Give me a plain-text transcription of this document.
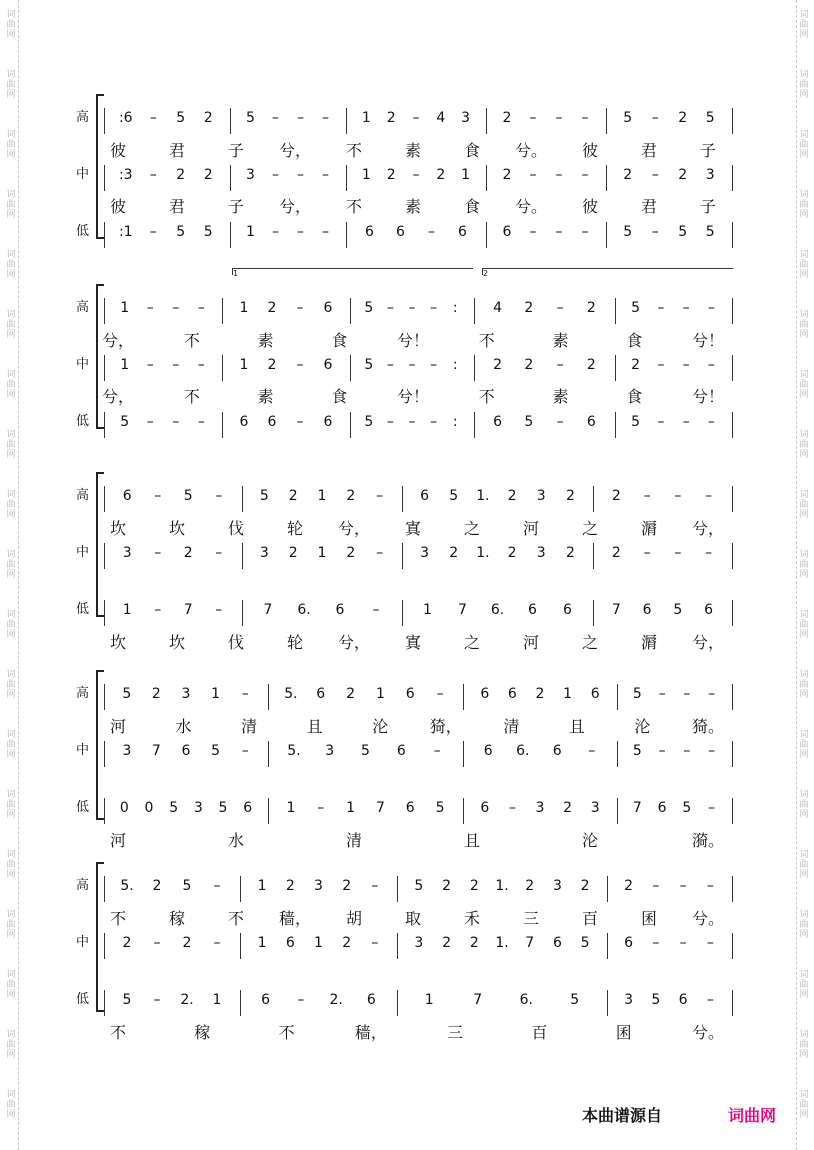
高
中
低
:6 – 5 2 5 – – – 1 2 – 4 3 2 – – – 5 – 2 5
彼	君	子 兮， 不	素	食 兮。 彼	君	子
:3 – 2 2 3 – – – 1 2 – 2 1 2 – – – 2 – 2 3
彼	君	子 兮， 不	素	食 兮。 彼	君	子
:1 – 5 5 1 – – –	6 6 – 6	6 – – – 5 – 5 5
高
中
低
1	2
1 – – – 1 2 – 6 5 – – – :	4 2 – 2	5 – – –
兮，	不	素	食	兮！	不	素	食	兮！
1 – – – 1 2 – 6 5 – – – :	2 2 – 2	2 – – –
兮，	不	素	食	兮！	不	素	食	兮！
5 – – – 6 6 – 6 5 – – – :	6 5 – 6	5 – – –
高
中
低
6 – 5 –	5 2 1 2 –	6 5 1. 2 3 2	2 – – –
坎	坎	伐	轮 兮， 寘	之	河	之	漘 兮，
3 – 2 –	3 2 1 2 –	3 2 1. 2 3 2	2 – – –
1 – 7 –	7 6. 6 –	1 7 6. 6 6	7 6 5 6
坎	坎	伐	轮 兮， 寘	之	河	之	漘 兮，
高
中
低
5 2 3 1 –	5. 6 2 1 6 –	6 6 2 1 6 5 – – –
河	水	清	且	沦	猗，	清	且	沦	猗。
3 7 6 5 –	5. 3 5 6 –	6 6. 6 –	5 – – –
0 0 5 3 5 6 1 – 1 7 6 5	6 – 3 2 3 7 6 5 –
河	水	清	且	沦	漪。
高
中
低
5. 2 5 –	1 2 3 2 –	5 2 2 1. 2 3 2 2 – – –
不	稼	不 穑， 胡	取	禾	三	百	囷 兮。
2 – 2 –	1 6 1 2 –	3 2 2 1. 7 6 5 6 – – –
5 – 2. 1	6 – 2. 6	1	7	6.	5	3 5 6 –
不	稼	不	穑，	三	百	囷	兮。
本曲谱源自	词曲网
词
曲
网
词
曲
网
词
曲
网
词
曲
网
词
曲
网
词
曲
网
词
曲
网
词
曲
网
词
曲
网
词
曲
网
词
曲
网
词
曲
网
词
曲
网
词
曲
网
词
曲
网
词
曲
网
词
曲
网
词
曲
网
词
曲
网
词
曲
网
词
曲
网
词
曲
网
词
曲
网
词
曲
网
词
曲
网
词
曲
网
词
曲
网
词
曲
网
词
曲
网
词
曲
网
词
曲
网
词
曲
网
词
曲
网
词
曲
网
词
曲
网
词
曲
网
词
曲
网
词
曲
网
